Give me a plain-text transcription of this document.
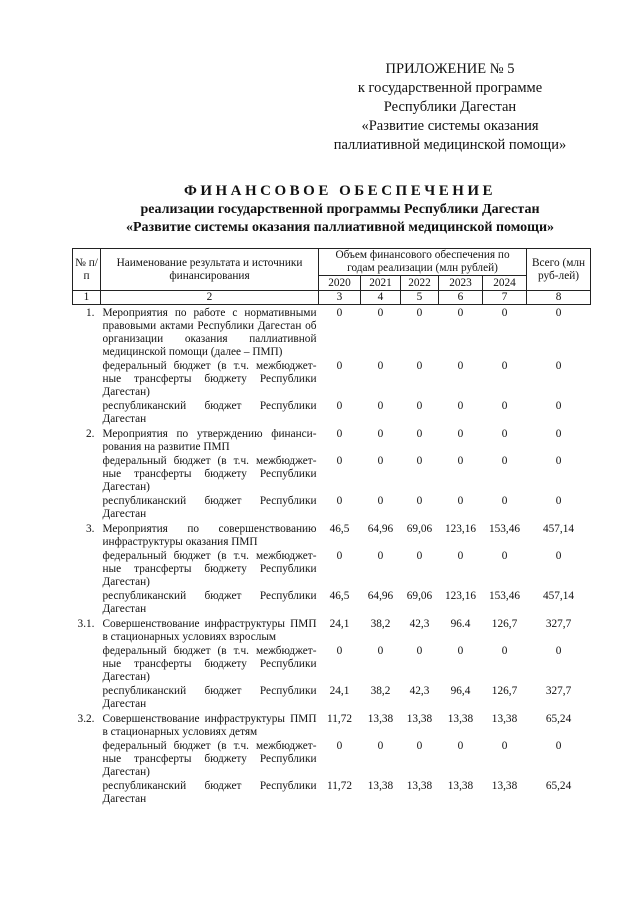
ПРИЛОЖЕНИЕ № 5
к государственной программе
Республики Дагестан
«Развитие системы оказания
паллиативной медицинской помощи»
ФИНАНСОВОЕ ОБЕСПЕЧЕНИЕ
реализации государственной программы Республики Дагестан
«Развитие системы оказания паллиативной медицинской помощи»
№ п/п	Наименование результата и источники финансирования	Объем финансового обеспечения по годам реализации (млн рублей)					Всего (млн руб-лей)
		2020	2021	2022	2023	2024	
1	2	3	4	5	6	7	8
1.	Мероприятия по работе с нормативными правовыми актами Республики Дагестан об организации оказания паллиативной медицинской помощи (далее – ПМП)	0	0	0	0	0	0
	федеральный бюджет (в т.ч. межбюджет-ные трансферты бюджету Республики Дагестан)	0	0	0	0	0	0
	республиканский бюджет Республики Дагестан	0	0	0	0	0	0
2.	Мероприятия по утверждению финанси-рования на развитие ПМП	0	0	0	0	0	0
	федеральный бюджет (в т.ч. межбюджет-ные трансферты бюджету Республики Дагестан)	0	0	0	0	0	0
	республиканский бюджет Республики Дагестан	0	0	0	0	0	0
3.	Мероприятия по совершенствованию инфраструктуры оказания ПМП	46,5	64,96	69,06	123,16	153,46	457,14
	федеральный бюджет (в т.ч. межбюджет-ные трансферты бюджету Республики Дагестан)	0	0	0	0	0	0
	республиканский бюджет Республики Дагестан	46,5	64,96	69,06	123,16	153,46	457,14
3.1.	Совершенствование инфраструктуры ПМП в стационарных условиях взрослым	24,1	38,2	42,3	96.4	126,7	327,7
	федеральный бюджет (в т.ч. межбюджет-ные трансферты бюджету Республики Дагестан)	0	0	0	0	0	0
	республиканский бюджет Республики Дагестан	24,1	38,2	42,3	96,4	126,7	327,7
3.2.	Совершенствование инфраструктуры ПМП в стационарных условиях детям	11,72	13,38	13,38	13,38	13,38	65,24
	федеральный бюджет (в т.ч. межбюджет-ные трансферты бюджету Республики Дагестан)	0	0	0	0	0	0
	республиканский бюджет Республики Дагестан	11,72	13,38	13,38	13,38	13,38	65,24
